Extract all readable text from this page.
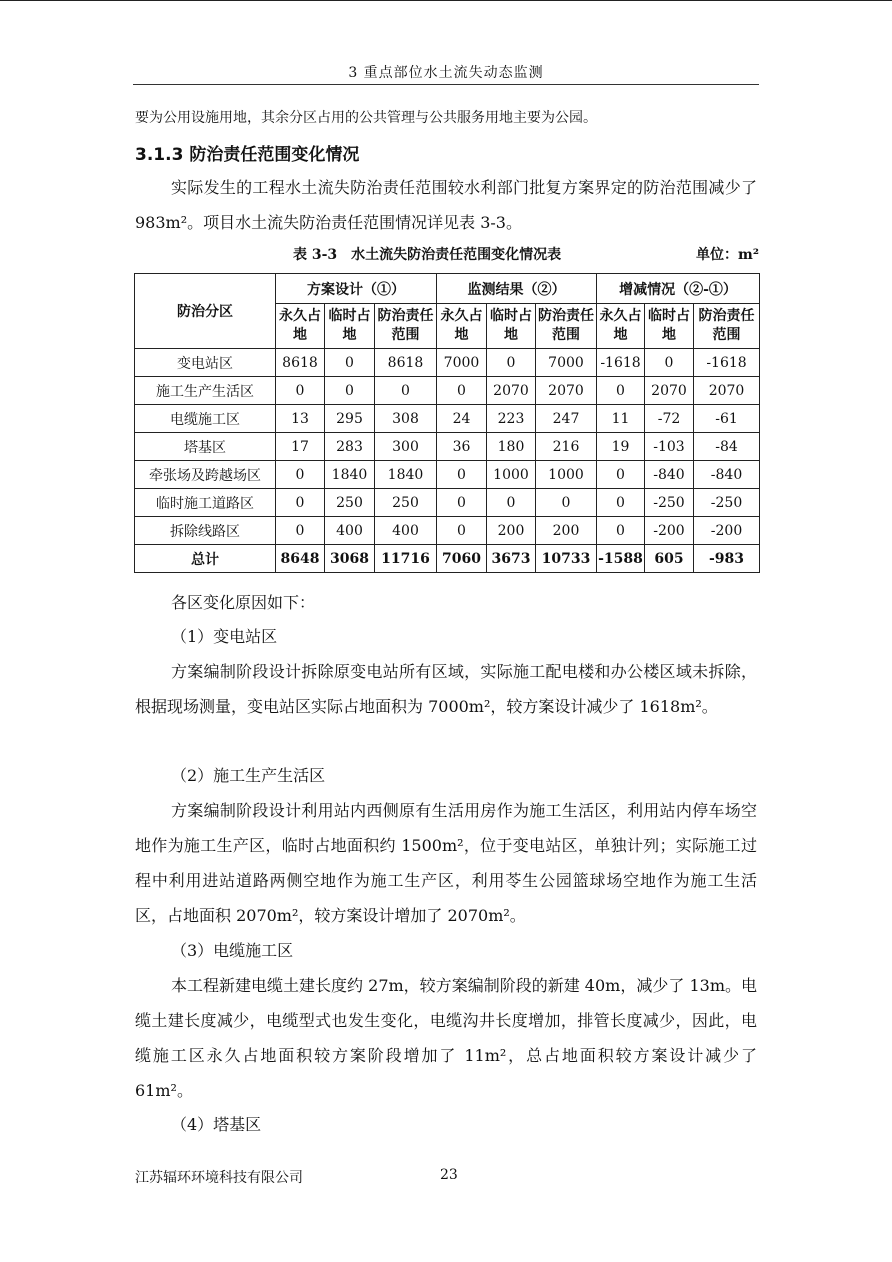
3 重点部位水土流失动态监测
要为公用设施用地，其余分区占用的公共管理与公共服务用地主要为公园。
3.1.3 防治责任范围变化情况
实际发生的工程水土流失防治责任范围较水利部门批复方案界定的防治范围减少了 983m²。项目水土流失防治责任范围情况详见表 3-3。
表 3-3　水土流失防治责任范围变化情况表	单位：m²
防治分区	方案设计（①）			监测结果（②）			增减情况（②-①）		
	永久占地	临时占地	防治责任范围	永久占地	临时占地	防治责任范围	永久占地	临时占地	防治责任范围
变电站区	8618	0	8618	7000	0	7000	-1618	0	-1618
施工生产生活区	0	0	0	0	2070	2070	0	2070	2070
电缆施工区	13	295	308	24	223	247	11	-72	-61
塔基区	17	283	300	36	180	216	19	-103	-84
牵张场及跨越场区	0	1840	1840	0	1000	1000	0	-840	-840
临时施工道路区	0	250	250	0	0	0	0	-250	-250
拆除线路区	0	400	400	0	200	200	0	-200	-200
总计	8648	3068	11716	7060	3673	10733	-1588	605	-983
各区变化原因如下：
（1）变电站区
方案编制阶段设计拆除原变电站所有区域，实际施工配电楼和办公楼区域未拆除，根据现场测量，变电站区实际占地面积为 7000m²，较方案设计减少了 1618m²。
（2）施工生产生活区
方案编制阶段设计利用站内西侧原有生活用房作为施工生活区，利用站内停车场空地作为施工生产区，临时占地面积约 1500m²，位于变电站区，单独计列；实际施工过程中利用进站道路两侧空地作为施工生产区，利用苓生公园篮球场空地作为施工生活区，占地面积 2070m²，较方案设计增加了 2070m²。
（3）电缆施工区
本工程新建电缆土建长度约 27m，较方案编制阶段的新建 40m，减少了 13m。电缆土建长度减少，电缆型式也发生变化，电缆沟井长度增加，排管长度减少，因此，电缆施工区永久占地面积较方案阶段增加了 11m²，总占地面积较方案设计减少了 61m²。
（4）塔基区
江苏辐环环境科技有限公司	23
